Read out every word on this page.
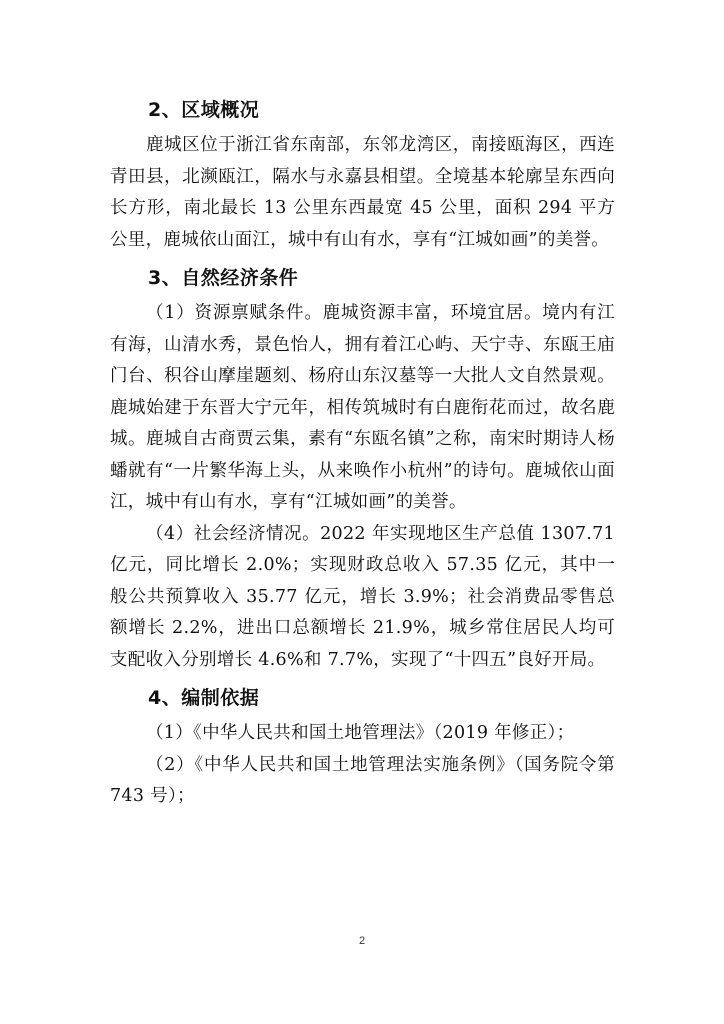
2、区域概况

鹿城区位于浙江省东南部，东邻龙湾区，南接瓯海区，西连青田县，北濒瓯江，隔水与永嘉县相望。全境基本轮廓呈东西向长方形，南北最长 13 公里东西最宽 45 公里，面积 294 平方公里，鹿城依山面江，城中有山有水，享有“江城如画”的美誉。

3、自然经济条件

（1）资源禀赋条件。鹿城资源丰富，环境宜居。境内有江有海，山清水秀，景色怡人，拥有着江心屿、天宁寺、东瓯王庙门台、积谷山摩崖题刻、杨府山东汉墓等一大批人文自然景观。鹿城始建于东晋大宁元年，相传筑城时有白鹿衔花而过，故名鹿城。鹿城自古商贾云集，素有“东瓯名镇”之称，南宋时期诗人杨蟠就有“一片繁华海上头，从来唤作小杭州”的诗句。鹿城依山面江，城中有山有水，享有“江城如画”的美誉。

（4）社会经济情况。2022 年实现地区生产总值 1307.71 亿元，同比增长 2.0%；实现财政总收入 57.35 亿元，其中一般公共预算收入 35.77 亿元，增长 3.9%；社会消费品零售总额增长 2.2%，进出口总额增长 21.9%，城乡常住居民人均可支配收入分别增长 4.6%和 7.7%，实现了“十四五”良好开局。

4、编制依据

（1）《中华人民共和国土地管理法》（2019 年修正）；

（2）《中华人民共和国土地管理法实施条例》（国务院令第 743 号）；

2
